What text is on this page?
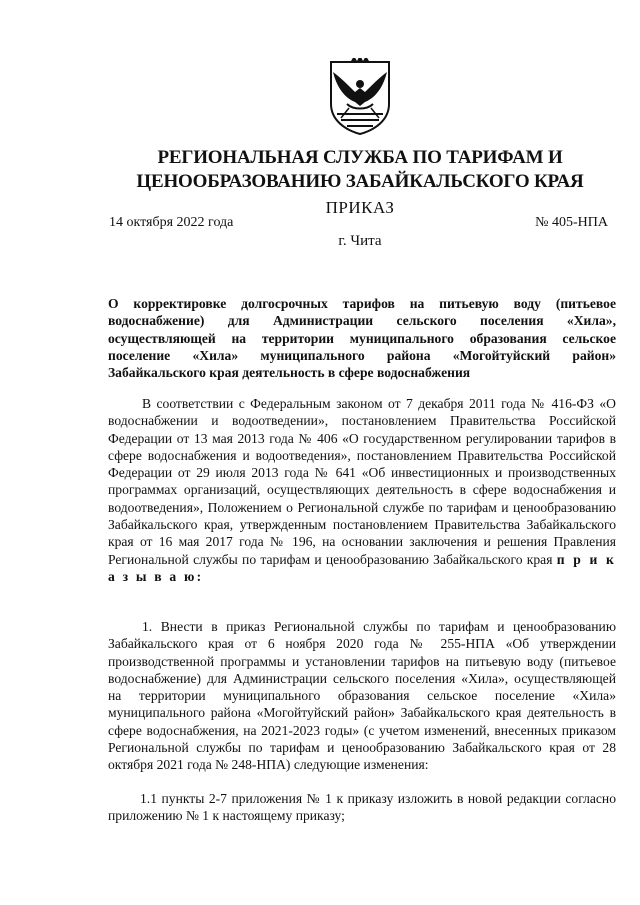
РЕГИОНАЛЬНАЯ СЛУЖБА ПО ТАРИФАМ И
ЦЕНООБРАЗОВАНИЮ ЗАБАЙКАЛЬСКОГО КРАЯ
ПРИКАЗ
14 октября 2022 года	№ 405-НПА
г. Чита
О корректировке долгосрочных тарифов на питьевую воду (питьевое водоснабжение) для Администрации сельского поселения «Хила», осуществляющей на территории муниципального образования сельское поселение «Хила» муниципального района «Могойтуйский район» Забайкальского края деятельность в сфере водоснабжения
В соответствии с Федеральным законом от 7 декабря 2011 года № 416-ФЗ «О водоснабжении и водоотведении», постановлением Правительства Российской Федерации от 13 мая 2013 года № 406 «О государственном регулировании тарифов в сфере водоснабжения и водоотведения», постановлением Правительства Российской Федерации от 29 июля 2013 года № 641 «Об инвестиционных и производственных программах организаций, осуществляющих деятельность в сфере водоснабжения и водоотведения», Положением о Региональной службе по тарифам и ценообразованию Забайкальского края, утвержденным постановлением Правительства Забайкальского края от 16 мая 2017 года № 196, на основании заключения и решения Правления Региональной службы по тарифам и ценообразованию Забайкальского края п р и к а з ы в а ю:
1. Внести в приказ Региональной службы по тарифам и ценообразованию Забайкальского края от 6 ноября 2020 года № 255-НПА «Об утверждении производственной программы и установлении тарифов на питьевую воду (питьевое водоснабжение) для Администрации сельского поселения «Хила», осуществляющей на территории муниципального образования сельское поселение «Хила» муниципального района «Могойтуйский район» Забайкальского края деятельность в сфере водоснабжения, на 2021-2023 годы» (с учетом изменений, внесенных приказом Региональной службы по тарифам и ценообразованию Забайкальского края от 28 октября 2021 года № 248-НПА) следующие изменения:
1.1 пункты 2-7 приложения № 1 к приказу изложить в новой редакции согласно приложению № 1 к настоящему приказу;
